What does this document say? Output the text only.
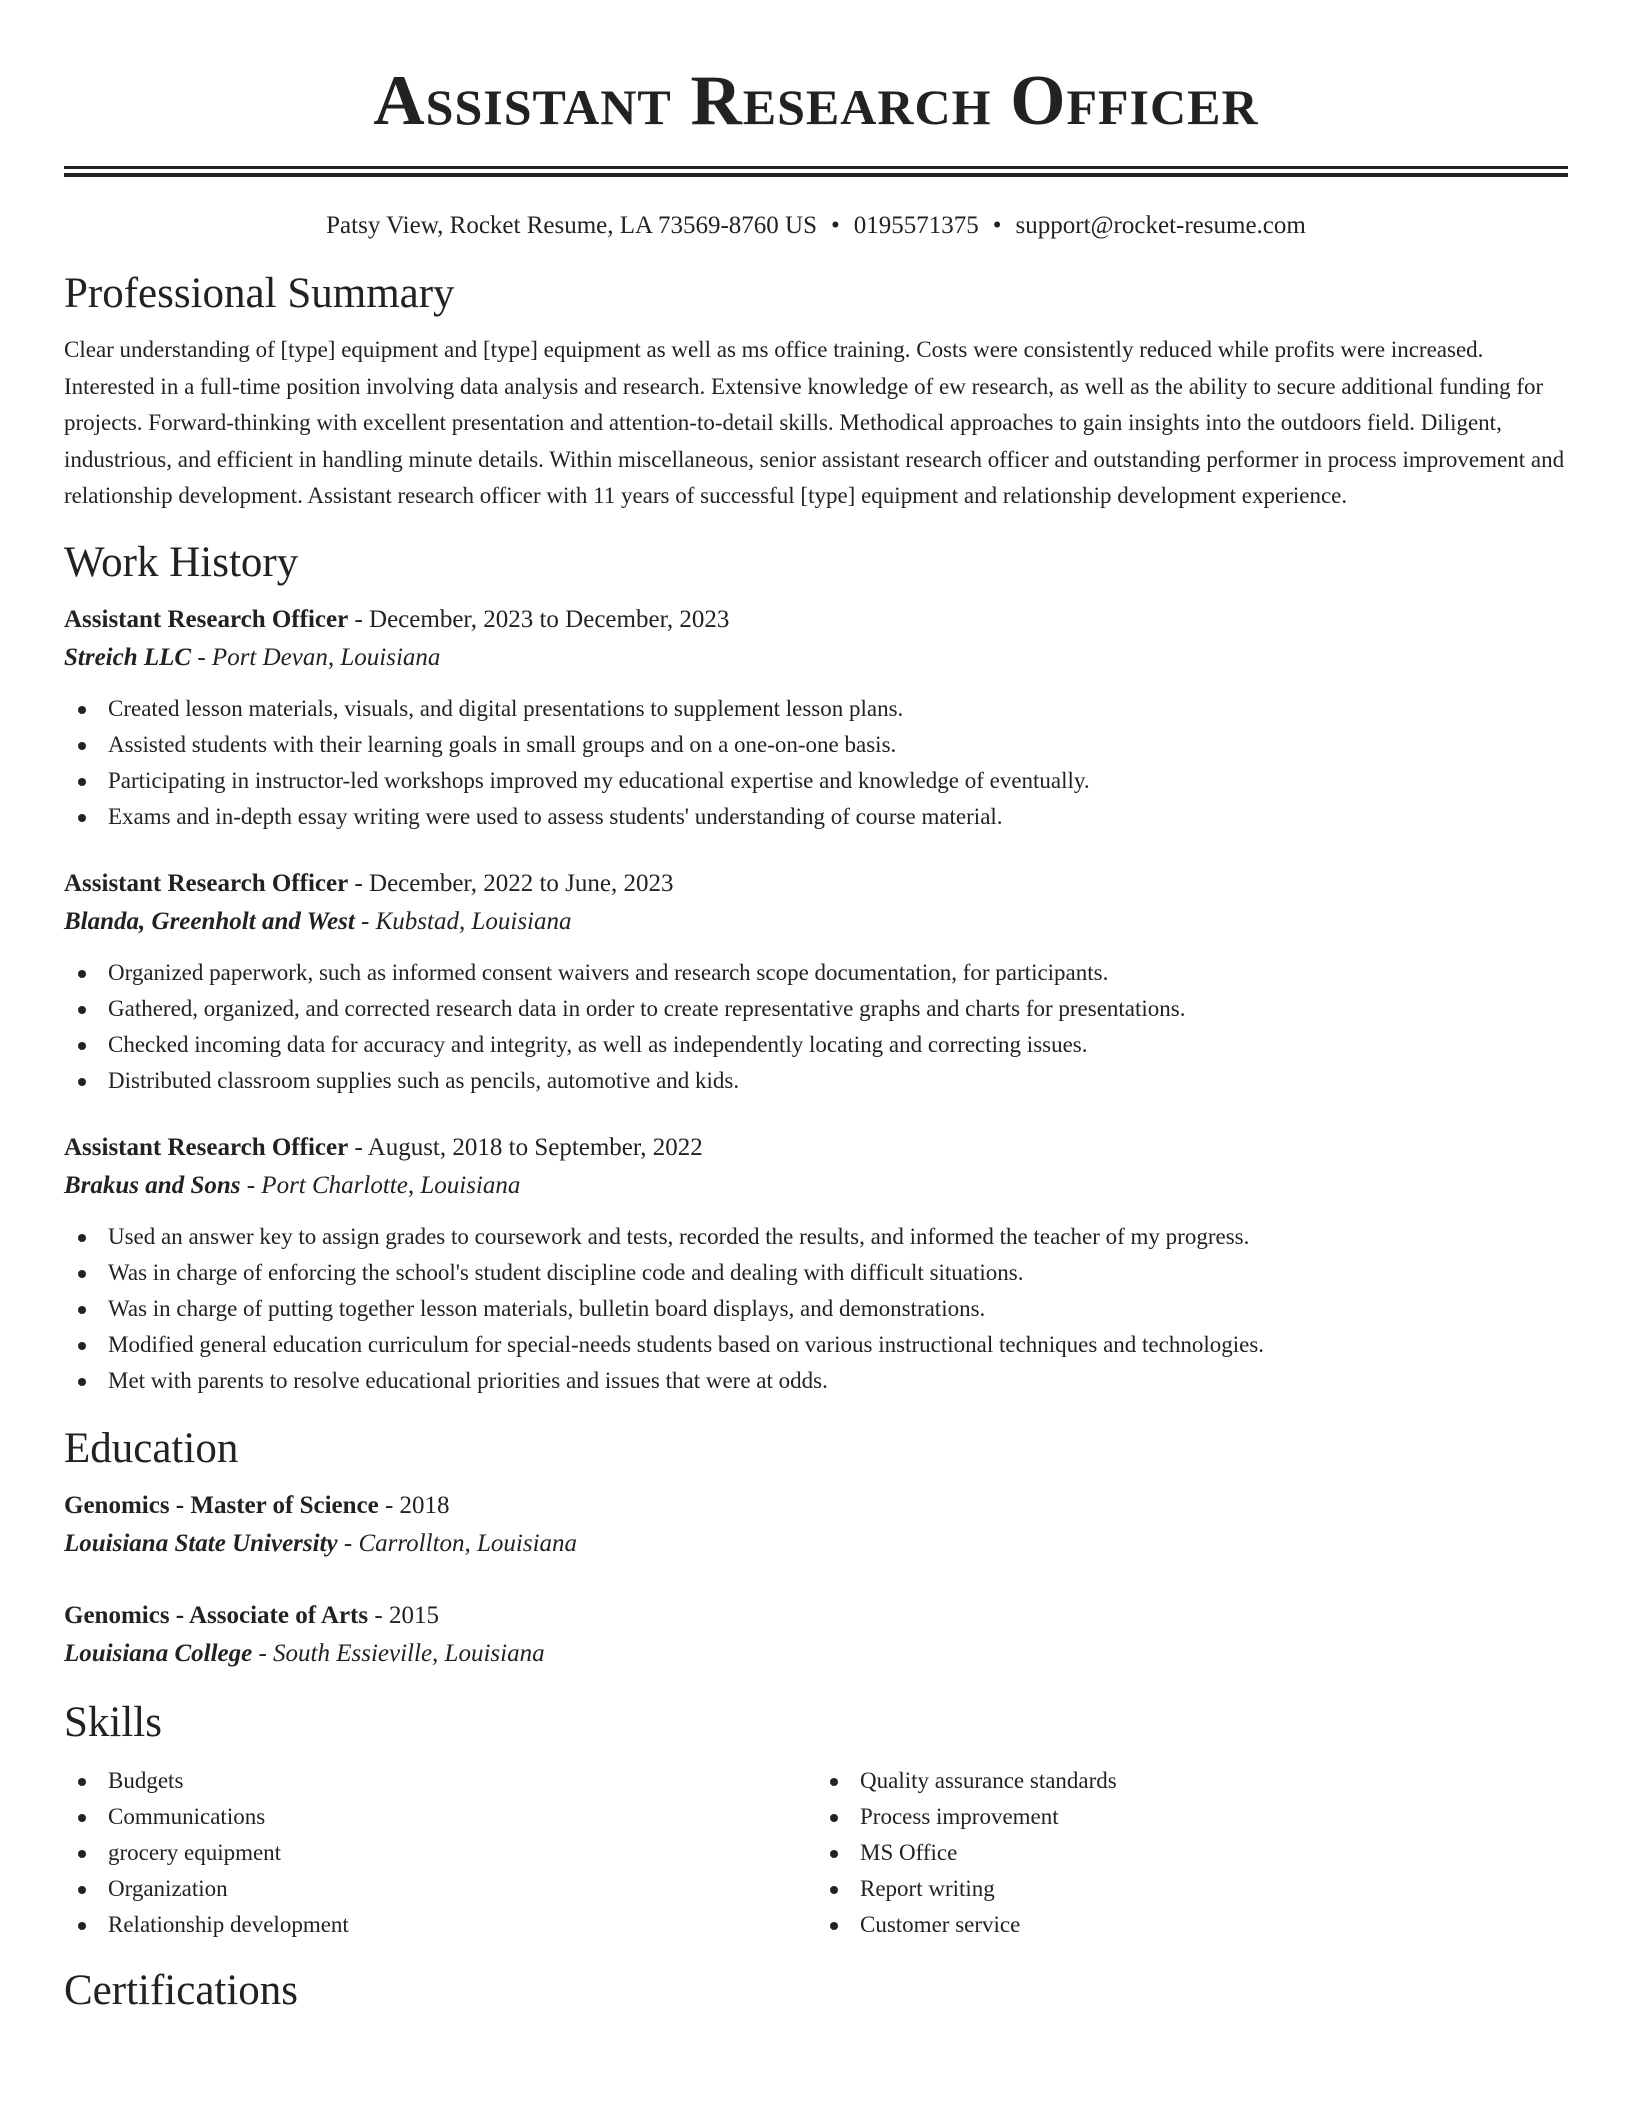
Assistant Research Officer
Patsy View, Rocket Resume, LA 73569-8760 US • 0195571375 • support@rocket-resume.com
Professional Summary

Clear understanding of [type] equipment and [type] equipment as well as ms office training. Costs were consistently reduced while profits were increased. Interested in a full-time position involving data analysis and research. Extensive knowledge of ew research, as well as the ability to secure additional funding for projects. Forward-thinking with excellent presentation and attention-to-detail skills. Methodical approaches to gain insights into the outdoors field. Diligent, industrious, and efficient in handling minute details. Within miscellaneous, senior assistant research officer and outstanding performer in process improvement and relationship development. Assistant research officer with 11 years of successful [type] equipment and relationship development experience.

Work History
Assistant Research Officer - December, 2023 to December, 2023
Streich LLC - Port Devan, Louisiana
Created lesson materials, visuals, and digital presentations to supplement lesson plans.
Assisted students with their learning goals in small groups and on a one-on-one basis.
Participating in instructor-led workshops improved my educational expertise and knowledge of eventually.
Exams and in-depth essay writing were used to assess students' understanding of course material.
Assistant Research Officer - December, 2022 to June, 2023
Blanda, Greenholt and West - Kubstad, Louisiana
Organized paperwork, such as informed consent waivers and research scope documentation, for participants.
Gathered, organized, and corrected research data in order to create representative graphs and charts for presentations.
Checked incoming data for accuracy and integrity, as well as independently locating and correcting issues.
Distributed classroom supplies such as pencils, automotive and kids.
Assistant Research Officer - August, 2018 to September, 2022
Brakus and Sons - Port Charlotte, Louisiana
Used an answer key to assign grades to coursework and tests, recorded the results, and informed the teacher of my progress.
Was in charge of enforcing the school's student discipline code and dealing with difficult situations.
Was in charge of putting together lesson materials, bulletin board displays, and demonstrations.
Modified general education curriculum for special-needs students based on various instructional techniques and technologies.
Met with parents to resolve educational priorities and issues that were at odds.
Education
Genomics - Master of Science - 2018
Louisiana State University - Carrollton, Louisiana
Genomics - Associate of Arts - 2015
Louisiana College - South Essieville, Louisiana
Skills
Budgets
Communications
grocery equipment
Organization
Relationship development
Quality assurance standards
Process improvement
MS Office
Report writing
Customer service
Certifications
